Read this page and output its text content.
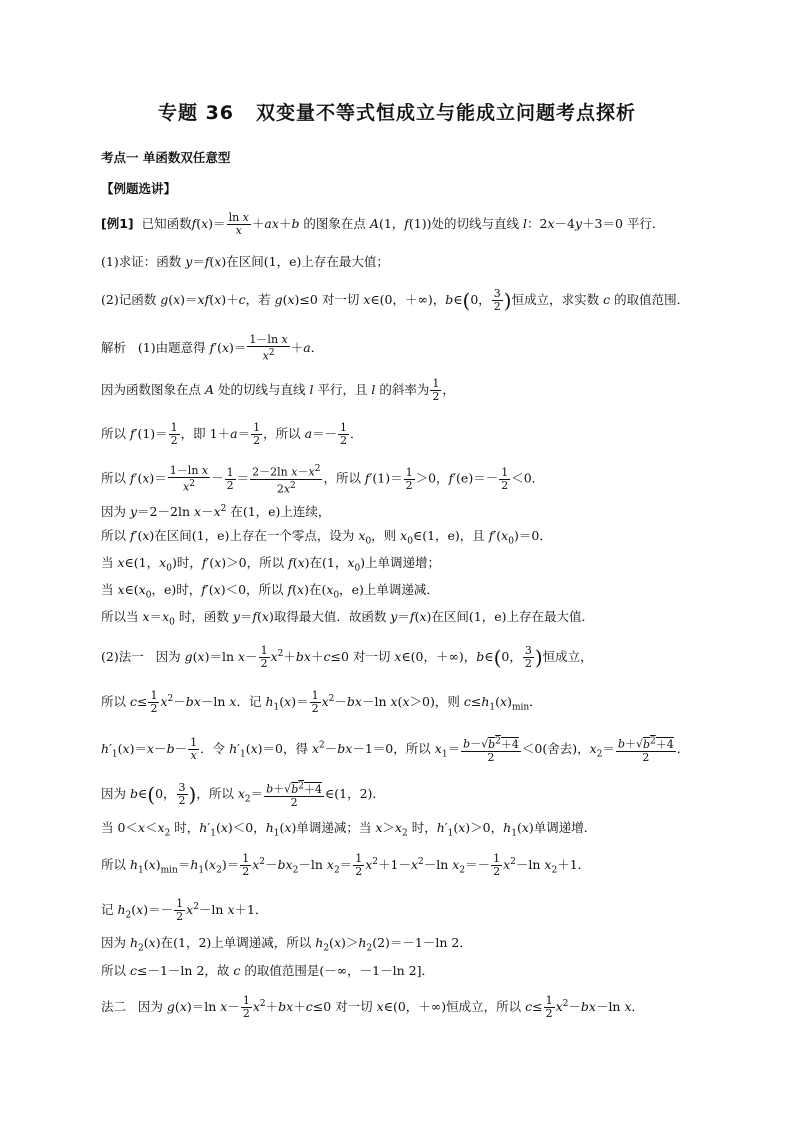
专题 36 双变量不等式恒成立与能成立问题考点探析
考点一 单函数双任意型
【例题选讲】
[例1]  已知函数$f(x)= \frac{\text{ln x}}{x} +ax+b$ 的图象在点 A(1，f(1))处的切线与直线 l：2x－4y＋3＝0 平行．
(1)求证：函数 y＝f(x)在区间(1，e)上存在最大值；
(2)记函数 g(x)＝xf(x)＋c，若 g(x)≤0 对一切 x∈(0，＋∞)，b∈(0， $\frac{3}{2}$ )恒成立，求实数 c 的取值范围．
解析   (1)由题意得 $f'(x)= \frac{\text{1－ln x}}{x^2} +a$．
因为函数图象在点 A 处的切线与直线 l 平行，且 l 的斜率为 $\frac{1}{2}$ ，
所以 $f'(1)= \frac{1}{2}$ ，即 $1+a= \frac{1}{2}$ ，所以 $a=- \frac{1}{2}$ ．
所以 $f'(x)= \frac{\text{1－ln x}}{x^2} - \frac{1}{2} = \frac{2-2\ln x-x^2}{2x^2}$ ，所以 $f'(1)= \frac{1}{2} >0$，$f'(e)=- \frac{1}{2} <0$．
因为 y＝2－2ln $x-x^2$ 在(1，e)上连续，
所以 f′(x)在区间(1，e)上存在一个零点，设为 $x_0$，则 $x_0\in(1$，e)，且 $f'(x_0)=0$．
当 x∈(1，$x_0$)时，f′(x)＞0，所以 f(x)在(1，$x_0$)上单调递增；
当 $x\in(x_0$，e)时，f′(x)＜0，所以 f(x)在($x_0$，e)上单调递减．
所以当 $x=x_0$ 时，函数 y＝f(x)取得最大值．故函数 y＝f(x)在区间(1，e)上存在最大值．
(2)法一   因为 g(x)＝ln $x- \frac{1}{2} x^2+bx+c\le 0$ 对一切 x∈(0，＋∞)，b∈(0， $\frac{3}{2}$ )恒成立，
所以 $c\le \frac{1}{2} x^2-bx-\ln$ x．记 $h_1(x)= \frac{1}{2} x^2-bx-\ln$ x(x＞0)，则 $c\le h_1(x)_{min}$．
$h'_1(x)=x-b- \frac{1}{x}$ ．令 $h'_1(x)=0$，得 $x^2-bx-1=0$，所以 $x_1= \frac{b-√b^2+4}{2} <0$(舍去)，$x_2= \frac{b+√b^2+4}{2}$ ．
因为 b∈(0， $\frac{3}{2}$ )，所以 $x_2= \frac{b+√b^2+4}{2}$ ∈(1，2)．
当 $0<x<x_2$ 时，$h'_1(x)<0$，$h_1(x)$单调递减；当 $x>x_2$ 时，$h'_1(x)>0$，$h_1(x)$单调递增．
所以 $h_1(x)_{min}=h_1(x_2)= \frac{1}{2} x^2-bx_2-\ln$ $x_2= \frac{1}{2} x^2+1-x^2-\ln$ $x_2=- \frac{1}{2} x^2-\ln$ $x_2+1$．
记 $h_2(x)=- \frac{1}{2} x^2-\ln$ x＋1．
因为 $h_2(x)$在(1，2)上单调递减，所以 $h_2(x)>h_2(2)=-1-\ln$ 2．
所以 c≤－1－ln 2，故 c 的取值范围是(－∞，－1－ln 2]．
法二   因为 g(x)＝ln $x- \frac{1}{2} x^2+bx+c\le 0$ 对一切 x∈(0，＋∞)恒成立，所以 $c\le \frac{1}{2} x^2-bx-\ln$ x．
